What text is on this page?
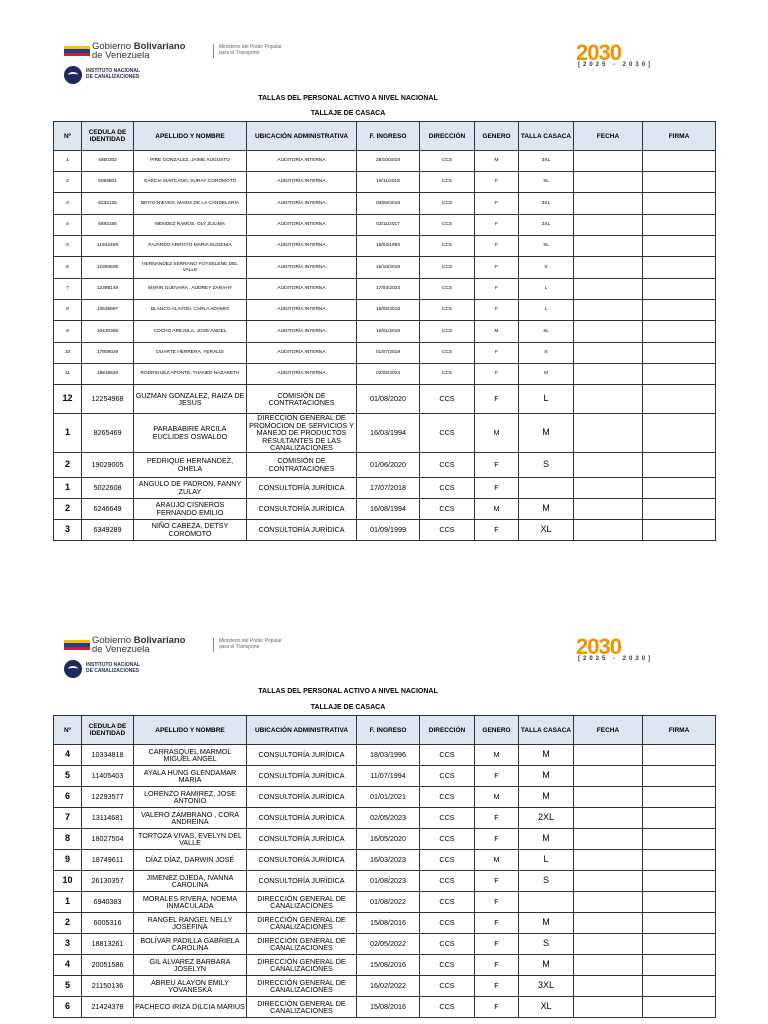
Gobierno Bolivariano
de Venezuela
Ministerio del Poder Popular
para el Transporte
INSTITUTO NACIONAL
DE CANALIZACIONES
2030
[2025 - 2030]
TALLAS DEL PERSONAL ACTIVO A NIVEL NACIONAL
TALLAJE DE CASACA
Nº	CEDULA DE IDENTIDAD	APELLIDO Y NOMBRE	UBICACIÓN ADMINISTRATIVA	F. INGRESO	DIRECCIÓN	GENERO	TALLA CASACA	FECHA	FIRMA
1	4850302	PIRE GONZALEZ, JAIME AUGUSTO	AUDITORÍA INTERNA	29/10/2018	CCS	M	3XL		
2	5093801	GARCIA MARCANO, SURAY COROMOTO	AUDITORÍA INTERNA	19/11/2018	CCS	F	XL		
3	6232125	BRITO NIEVES, MARIA DE LA CANDELARIA	AUDITORÍA INTERNA	03/06/2018	CCS	F	3XL		
4	6893165	MENDEZ RAMOS, OLY ZULIMA	AUDITORÍA INTERNA	03/11/2017	CCS	F	2XL		
5	11942469	FAJARDO ARROYO MARIA EUGENIA	AUDITORÍA INTERNA	16/03/1993	CCS	F	XL		
6	12384505	HERNANDEZ SERRANO YOYSELENE DEL VALLE	AUDITORÍA INTERNA	16/10/2019	CCS	F	S		
7	12398149	MARIN GUEVARA , AUDREY ZARAHY	AUDITORÍA INTERNA	17/04/2023	CCS	F	L		
8	13536687	BLANCO ALAYON, CARLA ADAMIG	AUDITORÍA INTERNA	16/05/2018	CCS	F	L		
9	16430356	COCHO AREJULA, JOSE ANGEL	AUDITORÍA INTERNA	16/01/2019	CCS	M	XL		
10	17908029	DUARTE HERRERA, YERALDI	AUDITORÍA INTERNA	01/07/2019	CCS	F	S		
11	18818620	RODRIGUEZ APONTE, THANED NAZARETH	AUDITORÍA INTERNA	02/05/2023	CCS	F	M		
12	12254968	GUZMAN GONZALEZ, RAIZA DE JESUS	COMISIÓN DE CONTRATACIONES	01/08/2020	CCS	F	L		
1	8265469	PARABABIRE ARCILA EUCLIDES OSWALDO	DIRECCION GENERAL DE PROMOCION DE SERVICIOS Y MANEJO DE PRODUCTOS RESULTANTES DE LAS CANALIZACIONES	16/03/1994	CCS	M	M		
2	19029005	PEDRIQUE HERNANDEZ, OHELA	COMISIÓN DE CONTRATACIONES	01/06/2020	CCS	F	S		
1	5022608	ANGULO DE PADRON, FANNY ZULAY	CONSULTORÍA JURÍDICA	17/07/2018	CCS	F			
2	6246649	ARAUJO CISNEROS FERNANDO EMILIO	CONSULTORÍA JURÍDICA	16/08/1994	CCS	M	M		
3	6349289	NIÑO CABEZA, DETSY COROMOTO	CONSULTORÍA JURÍDICA	01/09/1999	CCS	F	XL		
Gobierno Bolivariano
de Venezuela
Ministerio del Poder Popular
para el Transporte
INSTITUTO NACIONAL
DE CANALIZACIONES
2030
[2025 - 2030]
TALLAS DEL PERSONAL ACTIVO A NIVEL NACIONAL
TALLAJE DE CASACA
Nº	CEDULA DE IDENTIDAD	APELLIDO Y NOMBRE	UBICACIÓN ADMINISTRATIVA	F. INGRESO	DIRECCIÓN	GENERO	TALLA CASACA	FECHA	FIRMA
4	10334818	CARRASQUEL MARMOL MIGUEL ANGEL	CONSULTORÍA JURÍDICA	18/03/1996	CCS	M	M		
5	11405403	AYALA HUNG GLENDAMAR MARIA	CONSULTORÍA JURÍDICA	11/07/1994	CCS	F	M		
6	12293577	LORENZO RAMIREZ, JOSE ANTONIO	CONSULTORÍA JURÍDICA	01/01/2021	CCS	M	M		
7	13114681	VALERO ZAMBRANO , CORA ANDREINA	CONSULTORÍA JURÍDICA	02/05/2023	CCS	F	2XL		
8	18027504	TORTOZA VIVAS, EVELYN DEL VALLE	CONSULTORÍA JURÍDICA	16/05/2020	CCS	F	M		
9	18749611	DÍAZ DÍAZ, DARWIN JOSÉ	CONSULTORÍA JURÍDICA	16/03/2023	CCS	M	L		
10	26130357	JIMENEZ OJEDA, IVANNA CAROLINA	CONSULTORÍA JURÍDICA	01/08/2023	CCS	F	S		
1	6940383	MORALES RIVERA, NOEMA INMACULADA	DIRECCIÓN GENERAL DE CANALIZACIONES	01/08/2022	CCS	F			
2	6005316	RANGEL RANGEL NELLY JOSEFINA	DIRECCIÓN GENERAL DE CANALIZACIONES	15/08/2016	CCS	F	M		
3	18813261	BOLÍVAR PADILLA GABRIELA CAROLINA	DIRECCIÓN GENERAL DE CANALIZACIONES	02/05/2022	CCS	F	S		
4	20051586	GIL ALVAREZ BARBARA JOSELYN	DIRECCIÓN GENERAL DE CANALIZACIONES	15/08/2016	CCS	F	M		
5	21150136	ABREU ALAYON EMILY YOVANESKA	DIRECCIÓN GENERAL DE CANALIZACIONES	16/02/2022	CCS	F	3XL		
6	21424378	PACHECO IRIZA DILCIA MARIUS	DIRECCIÓN GENERAL DE CANALIZACIONES	15/08/2016	CCS	F	XL		
